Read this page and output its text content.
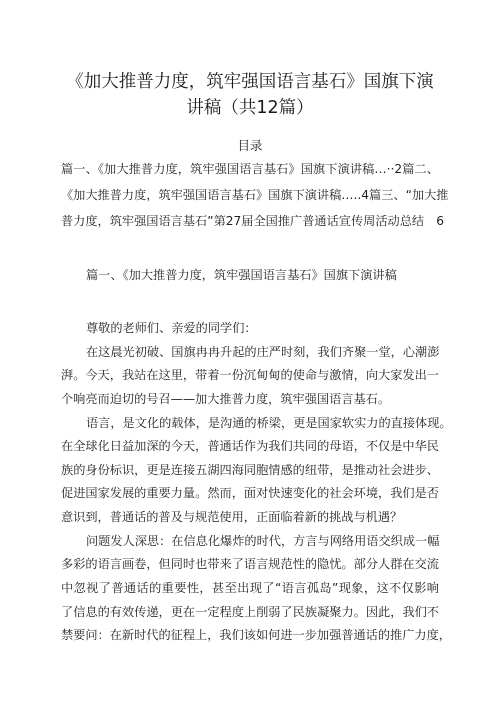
《加大推普力度，筑牢强国语言基石》国旗下演
讲稿（共12篇）
目录
篇一、《加大推普力度，筑牢强国语言基石》国旗下演讲稿…··2篇二、
《加大推普力度，筑牢强国语言基石》国旗下演讲稿…..4篇三、“加大推
普力度，筑牢强国语言基石”第27届全国推广普通话宣传周活动总结　6
篇一、《加大推普力度，筑牢强国语言基石》国旗下演讲稿
尊敬的老师们、亲爱的同学们：
在这晨光初破、国旗冉冉升起的庄严时刻，我们齐聚一堂，心潮澎
湃。今天，我站在这里，带着一份沉甸甸的使命与激情，向大家发出一
个响亮而迫切的号召——加大推普力度，筑牢强国语言基石。
语言，是文化的载体，是沟通的桥梁，更是国家软实力的直接体现。
在全球化日益加深的今天，普通话作为我们共同的母语，不仅是中华民
族的身份标识，更是连接五湖四海同胞情感的纽带，是推动社会进步、
促进国家发展的重要力量。然而，面对快速变化的社会环境，我们是否
意识到，普通话的普及与规范使用，正面临着新的挑战与机遇？
问题发人深思：在信息化爆炸的时代，方言与网络用语交织成一幅
多彩的语言画卷，但同时也带来了语言规范性的隐忧。部分人群在交流
中忽视了普通话的重要性，甚至出现了“语言孤岛”现象，这不仅影响
了信息的有效传递，更在一定程度上削弱了民族凝聚力。因此，我们不
禁要问：在新时代的征程上，我们该如何进一步加强普通话的推广力度，
